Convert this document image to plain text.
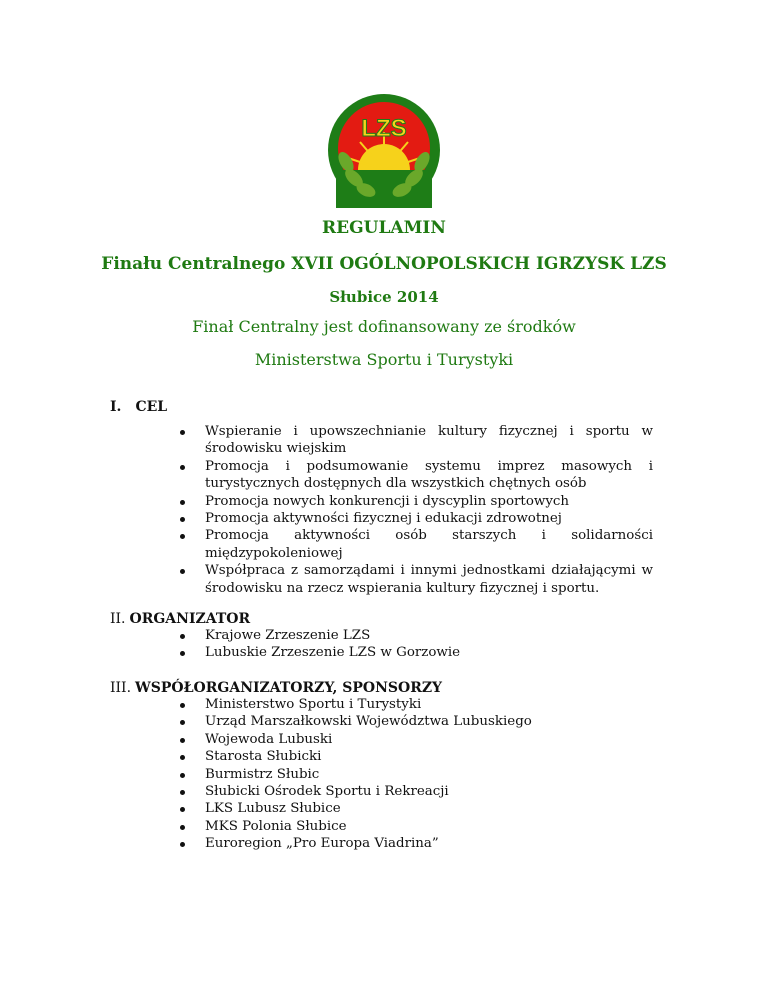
LZS
REGULAMIN
Finału Centralnego XVII OGÓLNOPOLSKICH IGRZYSK LZS
Słubice 2014
Finał Centralny jest dofinansowany ze środków
Ministerstwa Sportu i Turystyki
I. CEL
Wspieranie i upowszechnianie kultury fizycznej i sportu w środowisku wiejskim
Promocja i podsumowanie systemu imprez masowych i turystycznych dostępnych dla wszystkich chętnych osób
Promocja nowych konkurencji i dyscyplin sportowych
Promocja aktywności fizycznej i edukacji zdrowotnej
Promocja aktywności osób starszych i solidarności międzypokoleniowej
Współpraca z samorządami i innymi jednostkami działającymi w środowisku na rzecz wspierania kultury fizycznej i sportu.
II. ORGANIZATOR
Krajowe Zrzeszenie LZS
Lubuskie Zrzeszenie LZS w Gorzowie
III. WSPÓŁORGANIZATORZY, SPONSORZY
Ministerstwo Sportu i Turystyki
Urząd Marszałkowski Województwa Lubuskiego
Wojewoda Lubuski
Starosta Słubicki
Burmistrz Słubic
Słubicki Ośrodek Sportu i Rekreacji
LKS Lubusz Słubice
MKS Polonia Słubice
Euroregion „Pro Europa Viadrina”
